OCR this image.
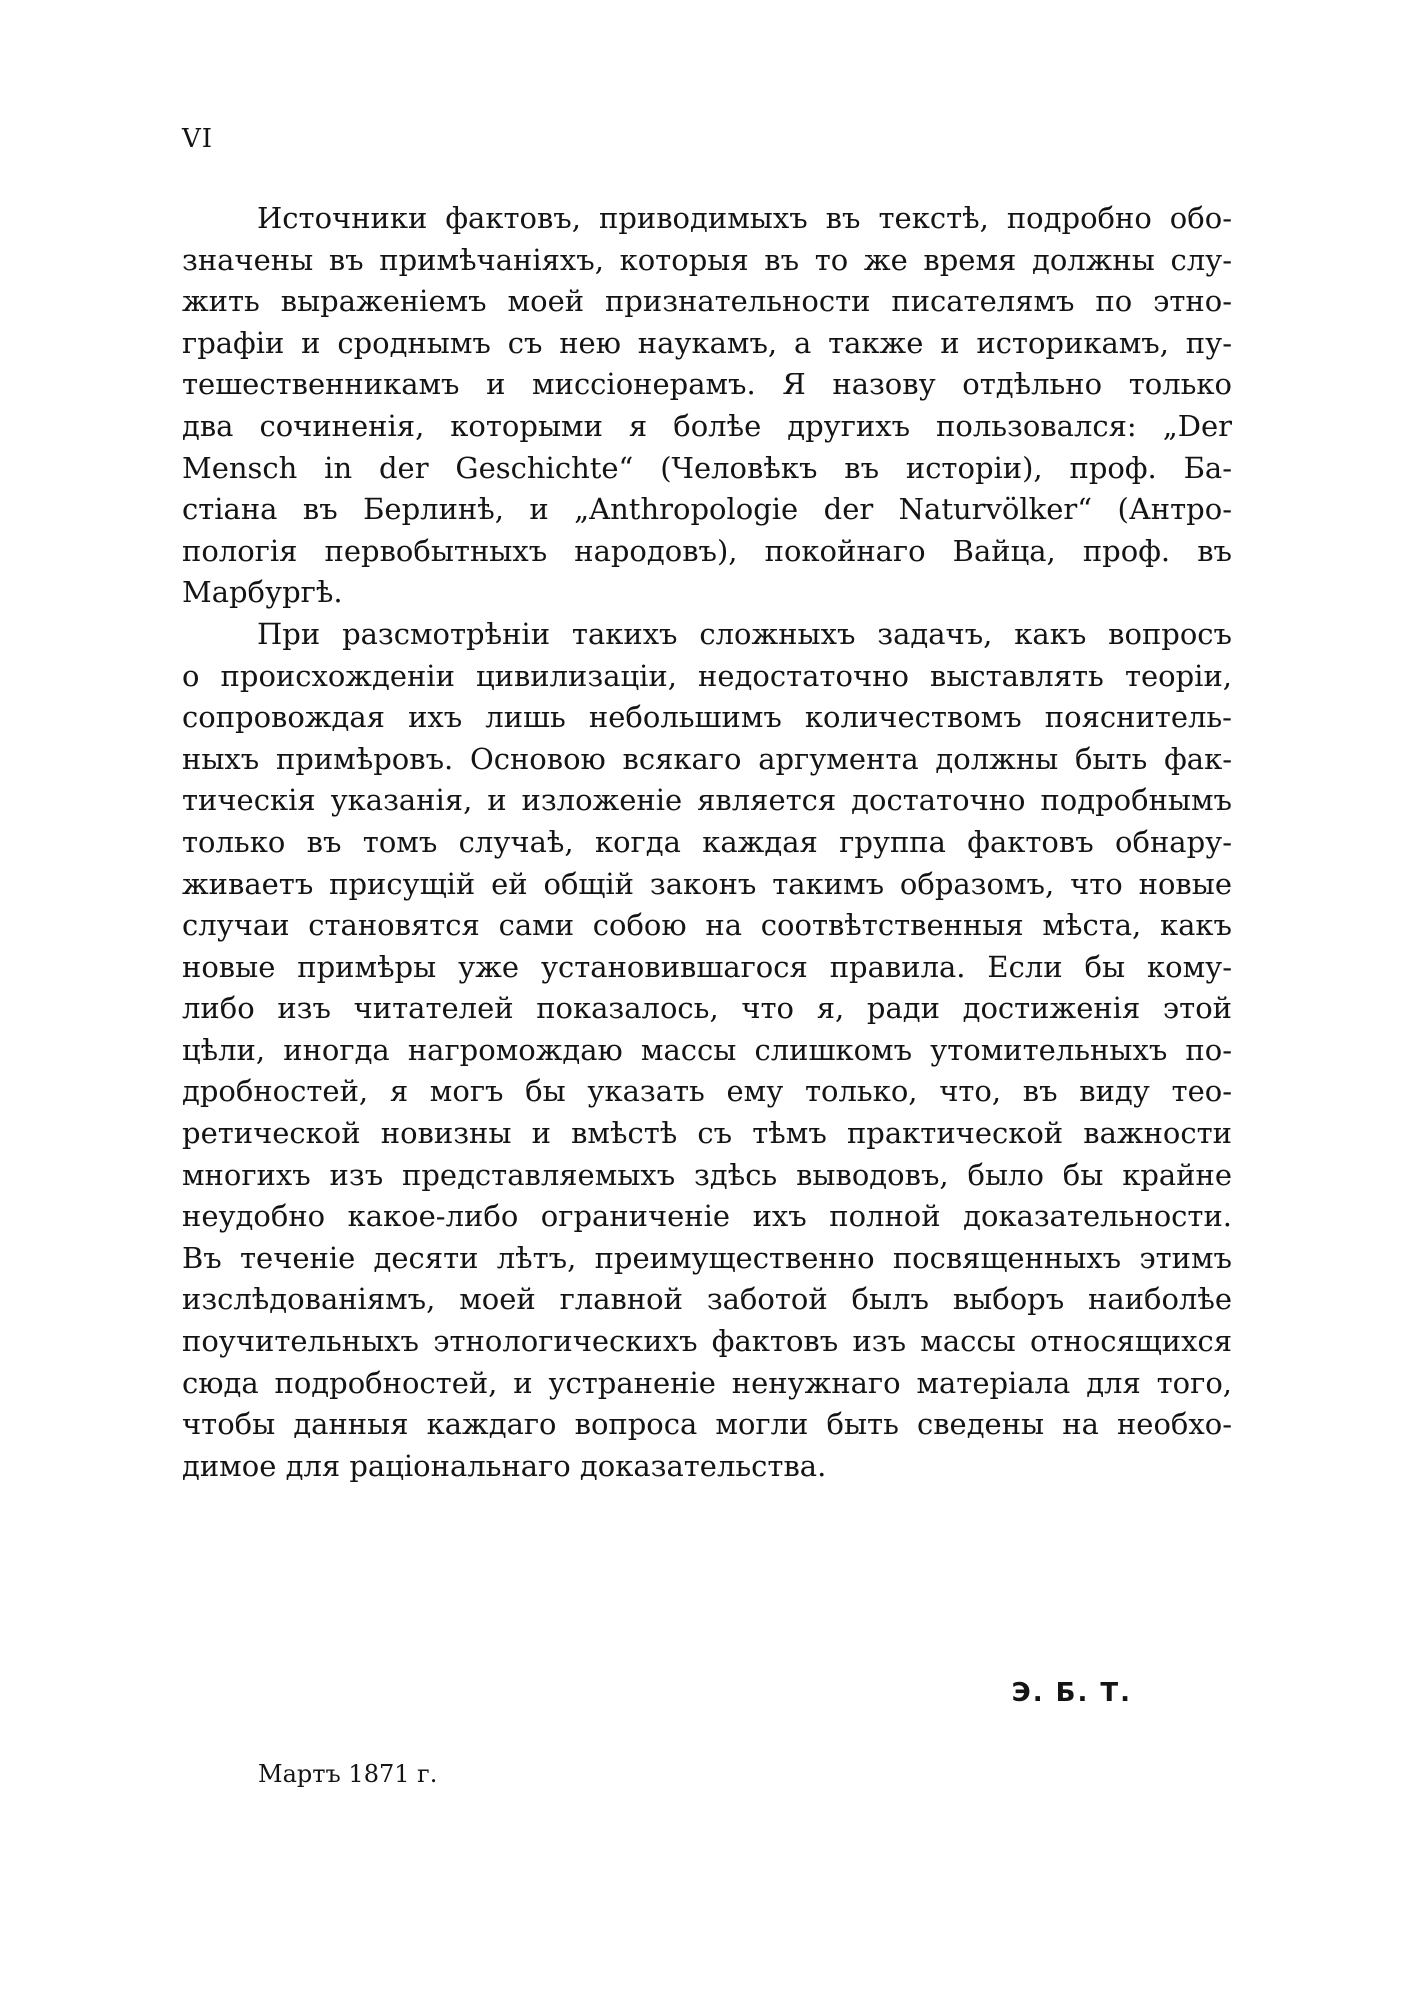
VI

Источники фактовъ, приводимыхъ въ текстѣ, подробно обо-
значены въ примѣчаніяхъ, которыя въ то же время должны слу-
жить выраженіемъ моей признательности писателямъ по этно-
графіи и сроднымъ съ нею наукамъ, а также и историкамъ, пу-
тешественникамъ и миссіонерамъ. Я назову отдѣльно только
два сочиненія, которыми я болѣе другихъ пользовался: „Der
Mensch in der Geschichte“ (Человѣкъ въ исторіи), проф. Ба-
стіана въ Берлинѣ, и „Anthropologie der Naturvölker“ (Антро-
пологія первобытныхъ народовъ), покойнаго Вайца, проф. въ
Марбургѣ.

При разсмотрѣніи такихъ сложныхъ задачъ, какъ вопросъ
о происхожденіи цивилизаціи, недостаточно выставлять теоріи,
сопровождая ихъ лишь небольшимъ количествомъ пояснитель-
ныхъ примѣровъ. Основою всякаго аргумента должны быть фак-
тическія указанія, и изложеніе является достаточно подробнымъ
только въ томъ случаѣ, когда каждая группа фактовъ обнару-
живаетъ присущій ей общій законъ такимъ образомъ, что новые
случаи становятся сами собою на соотвѣтственныя мѣста, какъ
новые примѣры уже установившагося правила. Если бы кому-
либо изъ читателей показалось, что я, ради достиженія этой
цѣли, иногда нагромождаю массы слишкомъ утомительныхъ по-
дробностей, я могъ бы указать ему только, что, въ виду тео-
ретической новизны и вмѣстѣ съ тѣмъ практической важности
многихъ изъ представляемыхъ здѣсь выводовъ, было бы крайне
неудобно какое-либо ограниченіе ихъ полной доказательности.
Въ теченіе десяти лѣтъ, преимущественно посвященныхъ этимъ
изслѣдованіямъ, моей главной заботой былъ выборъ наиболѣе
поучительныхъ этнологическихъ фактовъ изъ массы относящихся
сюда подробностей, и устраненіе ненужнаго матеріала для того,
чтобы данныя каждаго вопроса могли быть сведены на необхо-
димое для раціональнаго доказательства.

Э. Б. Т.
Мартъ 1871 г.
